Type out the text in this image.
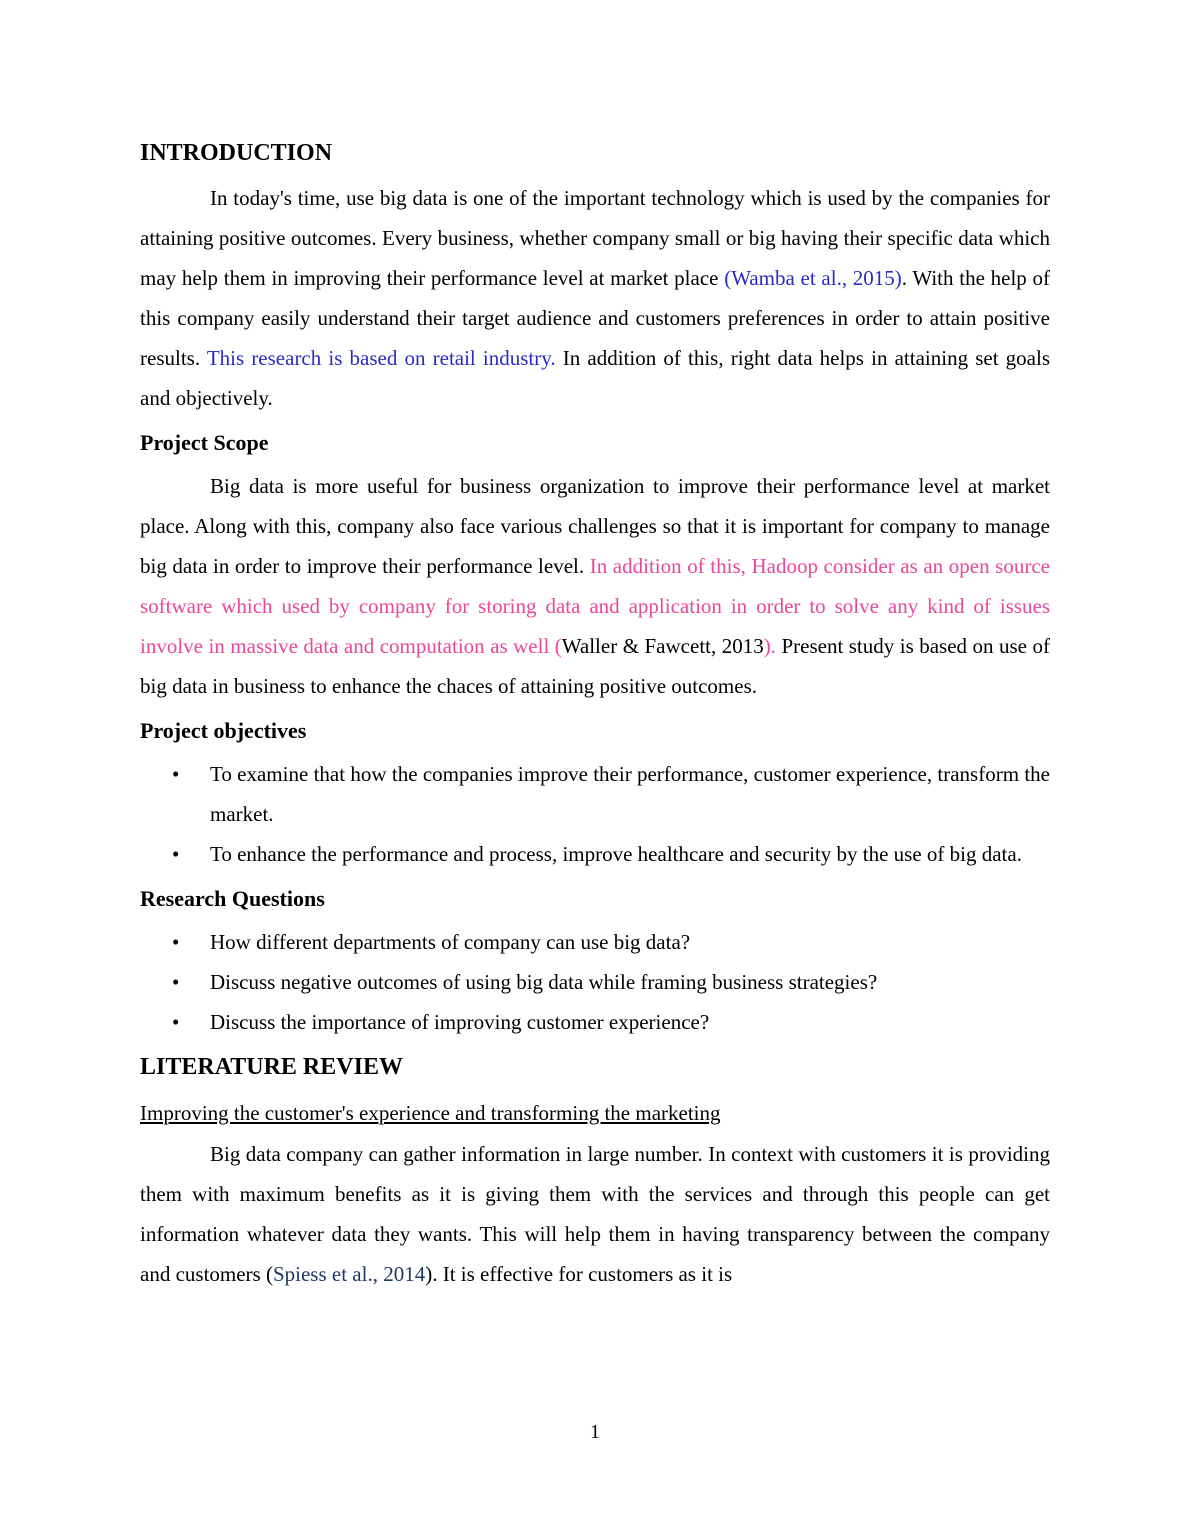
INTRODUCTION

In today's time, use big data is one of the important technology which is used by the companies for attaining positive outcomes. Every business, whether company small or big having their specific data which may help them in improving their performance level at market place (Wamba et al., 2015). With the help of this company easily understand their target audience and customers preferences in order to attain positive results. This research is based on retail industry. In addition of this, right data helps in attaining set goals and objectively.

Project Scope

Big data is more useful for business organization to improve their performance level at market place. Along with this, company also face various challenges so that it is important for company to manage big data in order to improve their performance level. In addition of this, Hadoop consider as an open source software which used by company for storing data and application in order to solve any kind of issues involve in massive data and computation as well (Waller & Fawcett, 2013). Present study is based on use of big data in business to enhance the chaces of attaining positive outcomes.

Project objectives
• To examine that how the companies improve their performance, customer experience, transform the market.
• To enhance the performance and process, improve healthcare and security by the use of big data.
Research Questions
• How different departments of company can use big data?
• Discuss negative outcomes of using big data while framing business strategies?
• Discuss the importance of improving customer experience?
LITERATURE REVIEW
Improving the customer's experience and transforming the marketing

Big data company can gather information in large number. In context with customers it is providing them with maximum benefits as it is giving them with the services and through this people can get information whatever data they wants. This will help them in having transparency between the company and customers (Spiess et al., 2014). It is effective for customers as it is

1
